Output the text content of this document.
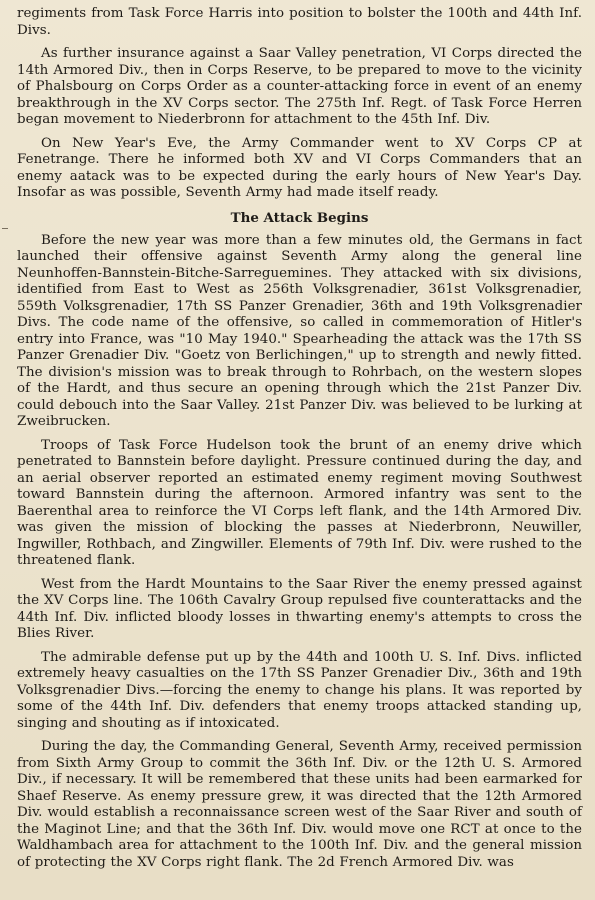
regiments from Task Force Harris into position to bolster the 100th and 44th Inf. Divs.

As further insurance against a Saar Valley penetration, VI Corps directed the 14th Armored Div., then in Corps Reserve, to be prepared to move to the vicinity of Phalsbourg on Corps Order as a counter-attacking force in event of an enemy breakthrough in the XV Corps sector. The 275th Inf. Regt. of Task Force Herren began movement to Niederbronn for attachment to the 45th Inf. Div.

On New Year's Eve, the Army Commander went to XV Corps CP at Fenetrange. There he informed both XV and VI Corps Commanders that an enemy aatack was to be expected during the early hours of New Year's Day. Insofar as was possible, Seventh Army had made itself ready.

The Attack Begins

Before the new year was more than a few minutes old, the Germans in fact launched their offensive against Seventh Army along the general line Neunhoffen-Bannstein-Bitche-Sarreguemines. They attacked with six divisions, identified from East to West as 256th Volksgrenadier, 361st Volksgrenadier, 559th Volksgrenadier, 17th SS Panzer Grenadier, 36th and 19th Volksgrenadier Divs. The code name of the offensive, so called in commemoration of Hitler's entry into France, was "10 May 1940." Spearheading the attack was the 17th SS Panzer Grenadier Div. "Goetz von Berlichingen," up to strength and newly fitted. The division's mission was to break through to Rohrbach, on the western slopes of the Hardt, and thus secure an opening through which the 21st Panzer Div. could debouch into the Saar Valley. 21st Panzer Div. was believed to be lurking at Zweibrucken.

Troops of Task Force Hudelson took the brunt of an enemy drive which penetrated to Bannstein before daylight. Pressure continued during the day, and an aerial observer reported an estimated enemy regiment moving Southwest toward Bannstein during the afternoon. Armored infantry was sent to the Baerenthal area to reinforce the VI Corps left flank, and the 14th Armored Div. was given the mission of blocking the passes at Niederbronn, Neuwiller, Ingwiller, Rothbach, and Zingwiller. Elements of 79th Inf. Div. were rushed to the threatened flank.

West from the Hardt Mountains to the Saar River the enemy pressed against the XV Corps line. The 106th Cavalry Group repulsed five counterattacks and the 44th Inf. Div. inflicted bloody losses in thwarting enemy's attempts to cross the Blies River.

The admirable defense put up by the 44th and 100th U. S. Inf. Divs. inflicted extremely heavy casualties on the 17th SS Panzer Grenadier Div., 36th and 19th Volksgrenadier Divs.—forcing the enemy to change his plans. It was reported by some of the 44th Inf. Div. defenders that enemy troops attacked standing up, singing and shouting as if intoxicated.

During the day, the Commanding General, Seventh Army, received permission from Sixth Army Group to commit the 36th Inf. Div. or the 12th U. S. Armored Div., if necessary. It will be remembered that these units had been earmarked for Shaef Reserve. As enemy pressure grew, it was directed that the 12th Armored Div. would establish a reconnaissance screen west of the Saar River and south of the Maginot Line; and that the 36th Inf. Div. would move one RCT at once to the Waldhambach area for attachment to the 100th Inf. Div. and the general mission of protecting the XV Corps right flank. The 2d French Armored Div. was
